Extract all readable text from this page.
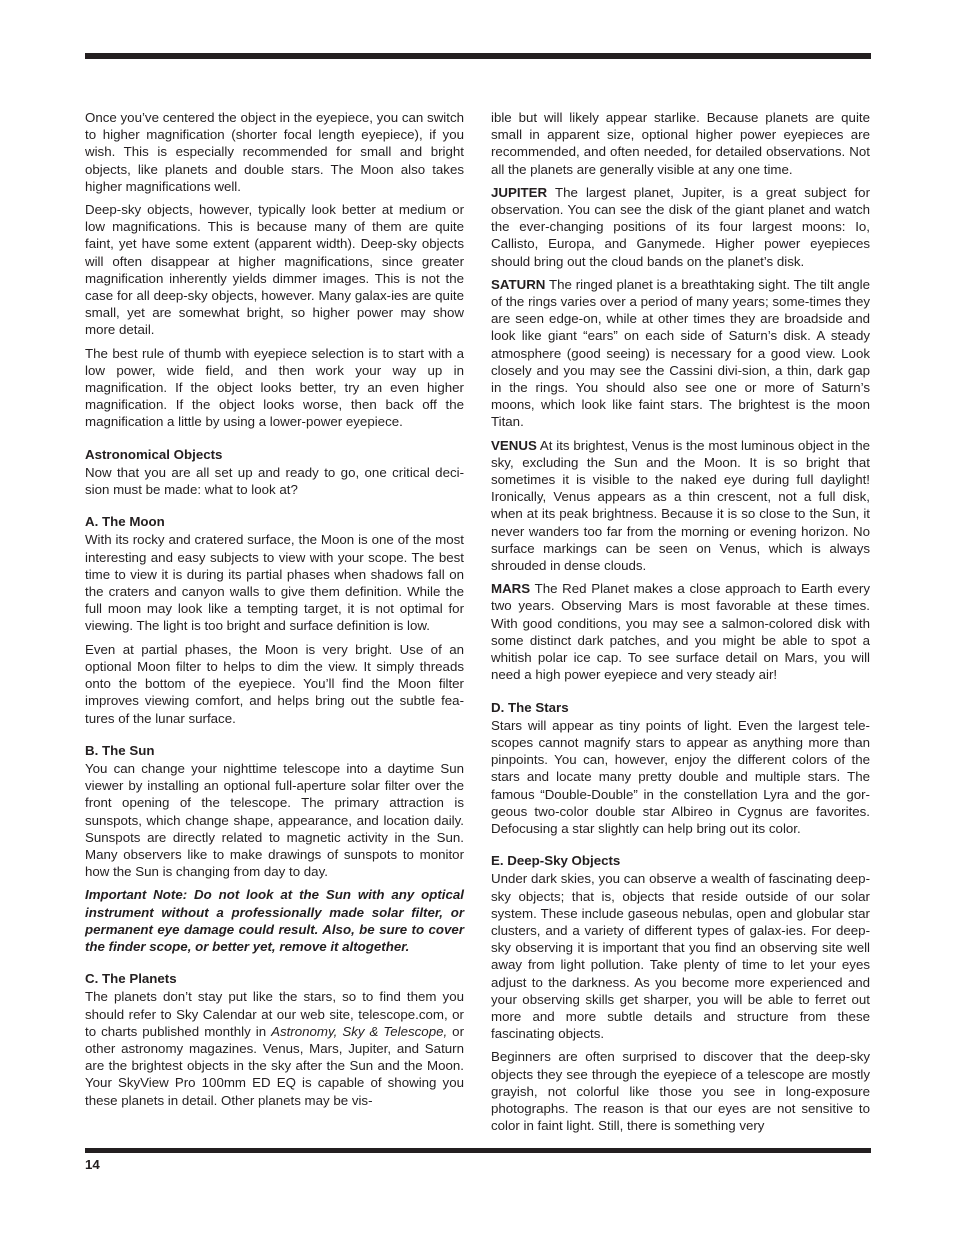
Once you’ve centered the object in the eyepiece, you can switch to higher magnification (shorter focal length eyepiece), if you wish. This is especially recommended for small and bright objects, like planets and double stars. The Moon also takes higher magnifications well.

Deep-sky objects, however, typically look better at medium or low magnifications. This is because many of them are quite faint, yet have some extent (apparent width). Deep-sky objects will often disappear at higher magnifications, since greater magnification inherently yields dimmer images. This is not the case for all deep-sky objects, however. Many galax-ies are quite small, yet are somewhat bright, so higher power may show more detail.

The best rule of thumb with eyepiece selection is to start with a low power, wide field, and then work your way up in magnification. If the object looks better, try an even higher magnification. If the object looks worse, then back off the magnification a little by using a lower-power eyepiece.

Astronomical Objects

Now that you are all set up and ready to go, one critical deci-sion must be made: what to look at?

A. The Moon

With its rocky and cratered surface, the Moon is one of the most interesting and easy subjects to view with your scope. The best time to view it is during its partial phases when shadows fall on the craters and canyon walls to give them definition. While the full moon may look like a tempting target, it is not optimal for viewing. The light is too bright and surface definition is low.

Even at partial phases, the Moon is very bright. Use of an optional Moon filter to helps to dim the view. It simply threads onto the bottom of the eyepiece. You’ll find the Moon filter improves viewing comfort, and helps bring out the subtle fea-tures of the lunar surface.

B. The Sun

You can change your nighttime telescope into a daytime Sun viewer by installing an optional full-aperture solar filter over the front opening of the telescope. The primary attraction is sunspots, which change shape, appearance, and location daily. Sunspots are directly related to magnetic activity in the Sun. Many observers like to make drawings of sunspots to monitor how the Sun is changing from day to day.

Important Note: Do not look at the Sun with any optical instrument without a professionally made solar filter, or permanent eye damage could result. Also, be sure to cover the finder scope, or better yet, remove it altogether.

C. The Planets

The planets don’t stay put like the stars, so to find them you should refer to Sky Calendar at our web site, telescope.com, or to charts published monthly in Astronomy, Sky & Telescope, or other astronomy magazines. Venus, Mars, Jupiter, and Saturn are the brightest objects in the sky after the Sun and the Moon. Your SkyView Pro 100mm ED EQ is capable of showing you these planets in detail. Other planets may be vis-

ible but will likely appear starlike. Because planets are quite small in apparent size, optional higher power eyepieces are recommended, and often needed, for detailed observations. Not all the planets are generally visible at any one time.

JUPITER The largest planet, Jupiter, is a great subject for observation. You can see the disk of the giant planet and watch the ever-changing positions of its four largest moons: Io, Callisto, Europa, and Ganymede. Higher power eyepieces should bring out the cloud bands on the planet’s disk.

SATURN The ringed planet is a breathtaking sight. The tilt angle of the rings varies over a period of many years; some-times they are seen edge-on, while at other times they are broadside and look like giant “ears” on each side of Saturn’s disk. A steady atmosphere (good seeing) is necessary for a good view. Look closely and you may see the Cassini divi-sion, a thin, dark gap in the rings. You should also see one or more of Saturn’s moons, which look like faint stars. The brightest is the moon Titan.

VENUS At its brightest, Venus is the most luminous object in the sky, excluding the Sun and the Moon. It is so bright that sometimes it is visible to the naked eye during full daylight! Ironically, Venus appears as a thin crescent, not a full disk, when at its peak brightness. Because it is so close to the Sun, it never wanders too far from the morning or evening horizon. No surface markings can be seen on Venus, which is always shrouded in dense clouds.

MARS The Red Planet makes a close approach to Earth every two years. Observing Mars is most favorable at these times. With good conditions, you may see a salmon-colored disk with some distinct dark patches, and you might be able to spot a whitish polar ice cap. To see surface detail on Mars, you will need a high power eyepiece and very steady air!

D. The Stars

Stars will appear as tiny points of light. Even the largest tele-scopes cannot magnify stars to appear as anything more than pinpoints. You can, however, enjoy the different colors of the stars and locate many pretty double and multiple stars. The famous “Double-Double” in the constellation Lyra and the gor-geous two-color double star Albireo in Cygnus are favorites. Defocusing a star slightly can help bring out its color.

E. Deep-Sky Objects

Under dark skies, you can observe a wealth of fascinating deep-sky objects; that is, objects that reside outside of our solar system. These include gaseous nebulas, open and globular star clusters, and a variety of different types of galax-ies. For deep-sky observing it is important that you find an observing site well away from light pollution. Take plenty of time to let your eyes adjust to the darkness. As you become more experienced and your observing skills get sharper, you will be able to ferret out more and more subtle details and structure from these fascinating objects.

Beginners are often surprised to discover that the deep-sky objects they see through the eyepiece of a telescope are mostly grayish, not colorful like those you see in long-exposure photographs. The reason is that our eyes are not sensitive to color in faint light. Still, there is something very

14
